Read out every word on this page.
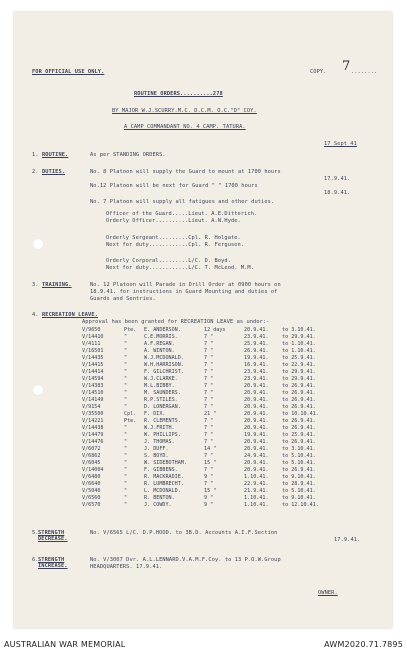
FOR OFFICIAL USE ONLY.	COPY. 7 ........
ROUTINE ORDERS..........278
BY MAJOR W.J.SCURRY.M.C. D.C.M. O.C."D" COY.
A CAMP COMMANDANT NO. 4 CAMP. TATURA.
17 Sept 41
1. ROUTINE.	As per STANDING ORDERS.
2. DUTIES.	No. 8 Platoon will supply the Guard to mount at 1700 hours
17.9.41.
No.12 Platoon will be next for Guard " " 1700 hours
18.9.41.
No. 7 Platoon will supply all fatigues and other duties.
Officer of the Guard.....Lieut. A.E.Ditterich.
Orderly Officer..........Lieut. A.N.Hyde.
Orderly Sergeant.........Cpl. R. Holgate.
Next for duty............Cpl. R. Ferguson.
Orderly Corporal.........L/C. D. Boyd.
Next for duty............L/C. T. McLeod. M.M.
3. TRAINING.	No. 12 Platoon will Parade in Drill Order at 0900 hours on
18.9.41. for instructions in Guard Mounting and duties of
Guards and Sentries.
4. RECREATION LEAVE.
Approval has been granted for RECREATION LEAVE as under:-
V/9650	Pte. E. ANDERSON.	12 days	20.9.41.	to 3.10.41.
V/14410	"	C.E.MORRIS.	7 "	23.9.41.	to 29.9.41.
V/4111	"	A.F.REGAN.	7 "	25.9.41.	to 1.10.41.
V/16501	"	A. WINTON.	7 "	26.9.41.	to 1.10.41.
V/14435	"	W.J.MCDONALD.	7 "	19.9.41.	to 25.9.41.
V/14415	"	W.H.HARRISON.	7 "	16.9.41.	to 22.9.41.
V/14414	"	F. GILCHRIST.	7 "	23.9.41.	to 29.9.41.
V/14594	"	W.J.CLARKE.	7 "	23.9.41.	to 29.9.41.
V/14383	"	M.L.BIBBY.	7 "	20.9.41.	to 26.9.41.
V/14510	"	M. SAUNDERS.	7 "	20.9.41.	to 26.9.41.
V/14149	"	R.P.STILES.	7 "	20.9.41.	to 26.9.41.
V/9154	"	D. LONERGAN.	7 "	20.9.41.	to 26.9.41.
V/35500	Cpl. F. DIX.	21 "	20.9.41.	to 10.10.41.
V/14221	Pte. R. CLEMENTS.	7 "	20.9.41.	to 26.9.41.
V/14438	"	W.J.FRITH.	7 "	20.9.41.	to 26.9.41.
V/14479	"	W. PHILLIPS.	7 "	19.9.41.	to 25.9.41.
V/14476	"	J. THOMAS.	7 "	20.9.41.	to 26.9.41.
V/6072	"	J. DUFF.	14 "	20.9.41.	to 3.10.41.
V/6862	"	S. BOYD.	7 "	24.9.41.	to 5.10.41.
V/6045	"	W. SIDEBOTHAM.	15 "	20.9.41.	to 5.10.41.
V/14004	"	F. GIBBENS.	7 "	20.9.41.	to 26.9.41.
V/6480	"	R. MACKRADIE.	9 "	1.10.41.	to 9.10.41.
V/6640	"	R. LUMBRECHT.	7 "	22.9.41.	to 28.9.41.
V/5040	"	L. MCDONALD.	15 "	21.9.41.	to 5.10.41.
V/6560	"	R. BENTON.	9 "	1.10.41.	to 9.10.41.
V/6570	"	J. COWDY.	9 "	1.10.41.	to 12.10.41.
5. STRENGTH DECREASE.
No. V/6565 L/C. D.P.HOOD. to 3B.D. Accounts A.I.F.Section
17.9.41.
6. STRENGTH INCREASE.
No. V/3007 Dvr. A.L.LENNARD.V.A.M.F.Coy. to 13 P.O.W.Group
HEADQUARTERS. 17.9.41.
OWNER.
AUSTRALIAN WAR MEMORIAL	AWM2020.71.7895
